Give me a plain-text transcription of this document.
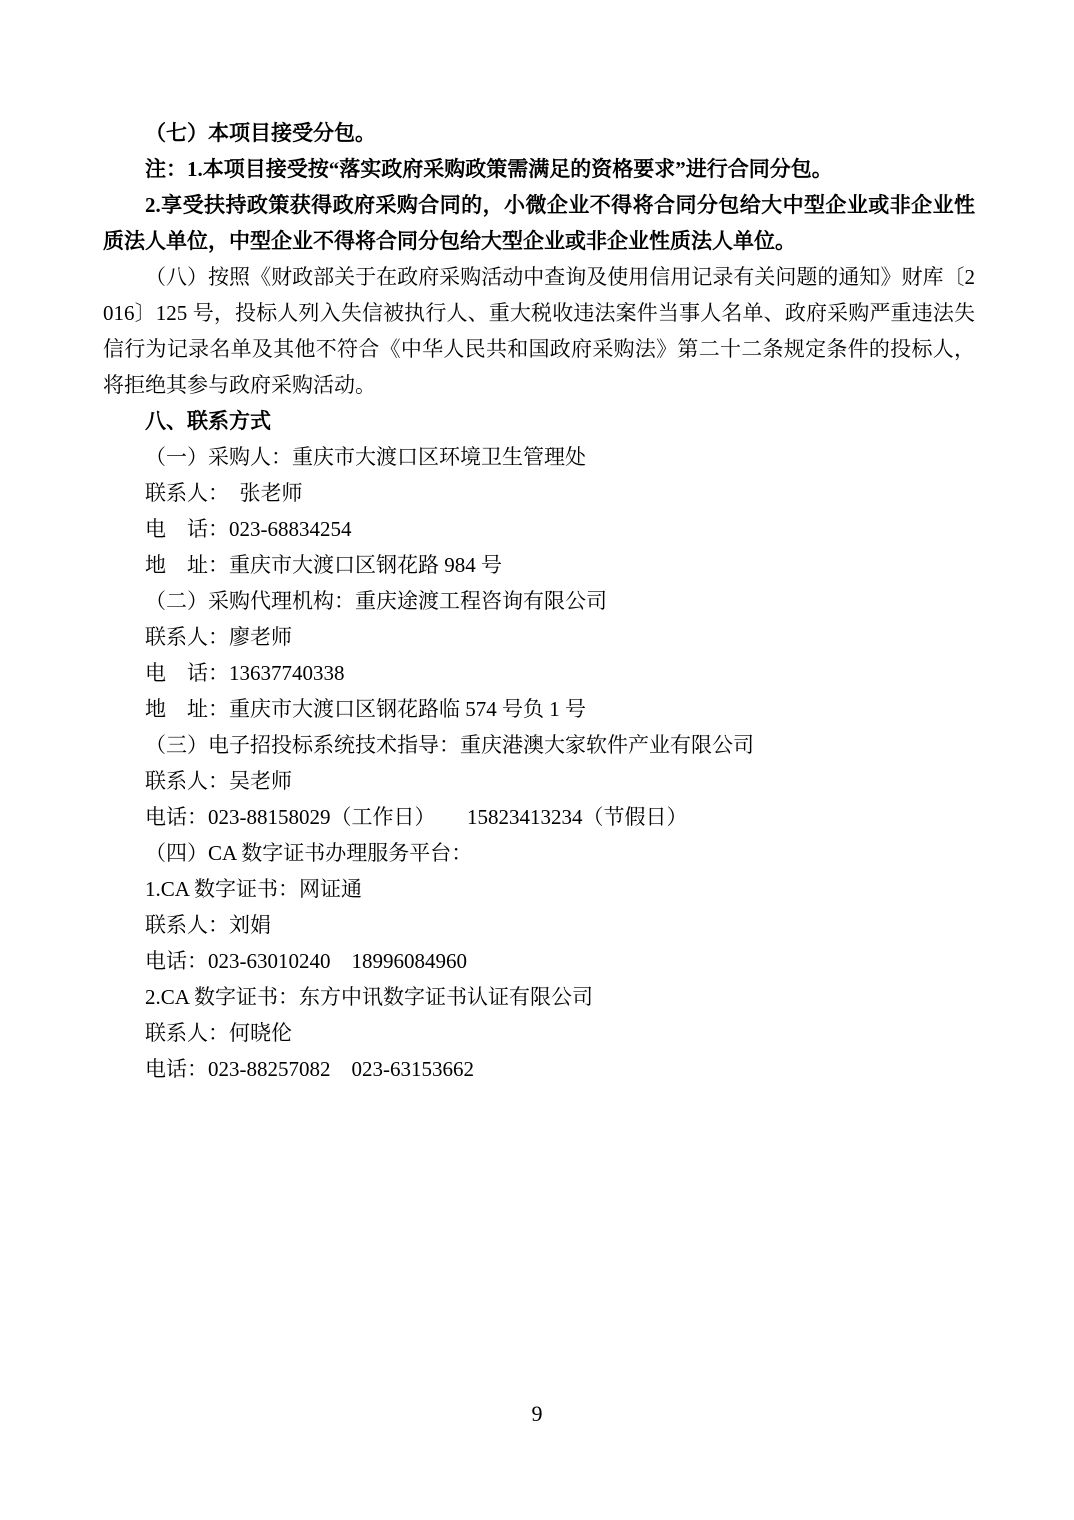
（七）本项目接受分包。

注：1.本项目接受按“落实政府采购政策需满足的资格要求”进行合同分包。

2.享受扶持政策获得政府采购合同的，小微企业不得将合同分包给大中型企业或非企业性质法人单位，中型企业不得将合同分包给大型企业或非企业性质法人单位。

（八）按照《财政部关于在政府采购活动中查询及使用信用记录有关问题的通知》财库〔2016〕125 号，投标人列入失信被执行人、重大税收违法案件当事人名单、政府采购严重违法失信行为记录名单及其他不符合《中华人民共和国政府采购法》第二十二条规定条件的投标人，将拒绝其参与政府采购活动。

八、联系方式

（一）采购人：重庆市大渡口区环境卫生管理处

联系人：　张老师

电　话：023-68834254

地　址：重庆市大渡口区钢花路 984 号

（二）采购代理机构：重庆途渡工程咨询有限公司

联系人：廖老师

电　话：13637740338

地　址：重庆市大渡口区钢花路临 574 号负 1 号

（三）电子招投标系统技术指导：重庆港澳大家软件产业有限公司

联系人：吴老师

电话：023-88158029（工作日）　　15823413234（节假日）

（四）CA 数字证书办理服务平台：

1.CA 数字证书：网证通

联系人：刘娟

电话：023-63010240　18996084960

2.CA 数字证书：东方中讯数字证书认证有限公司

联系人：何晓伦

电话：023-88257082　023-63153662

9
